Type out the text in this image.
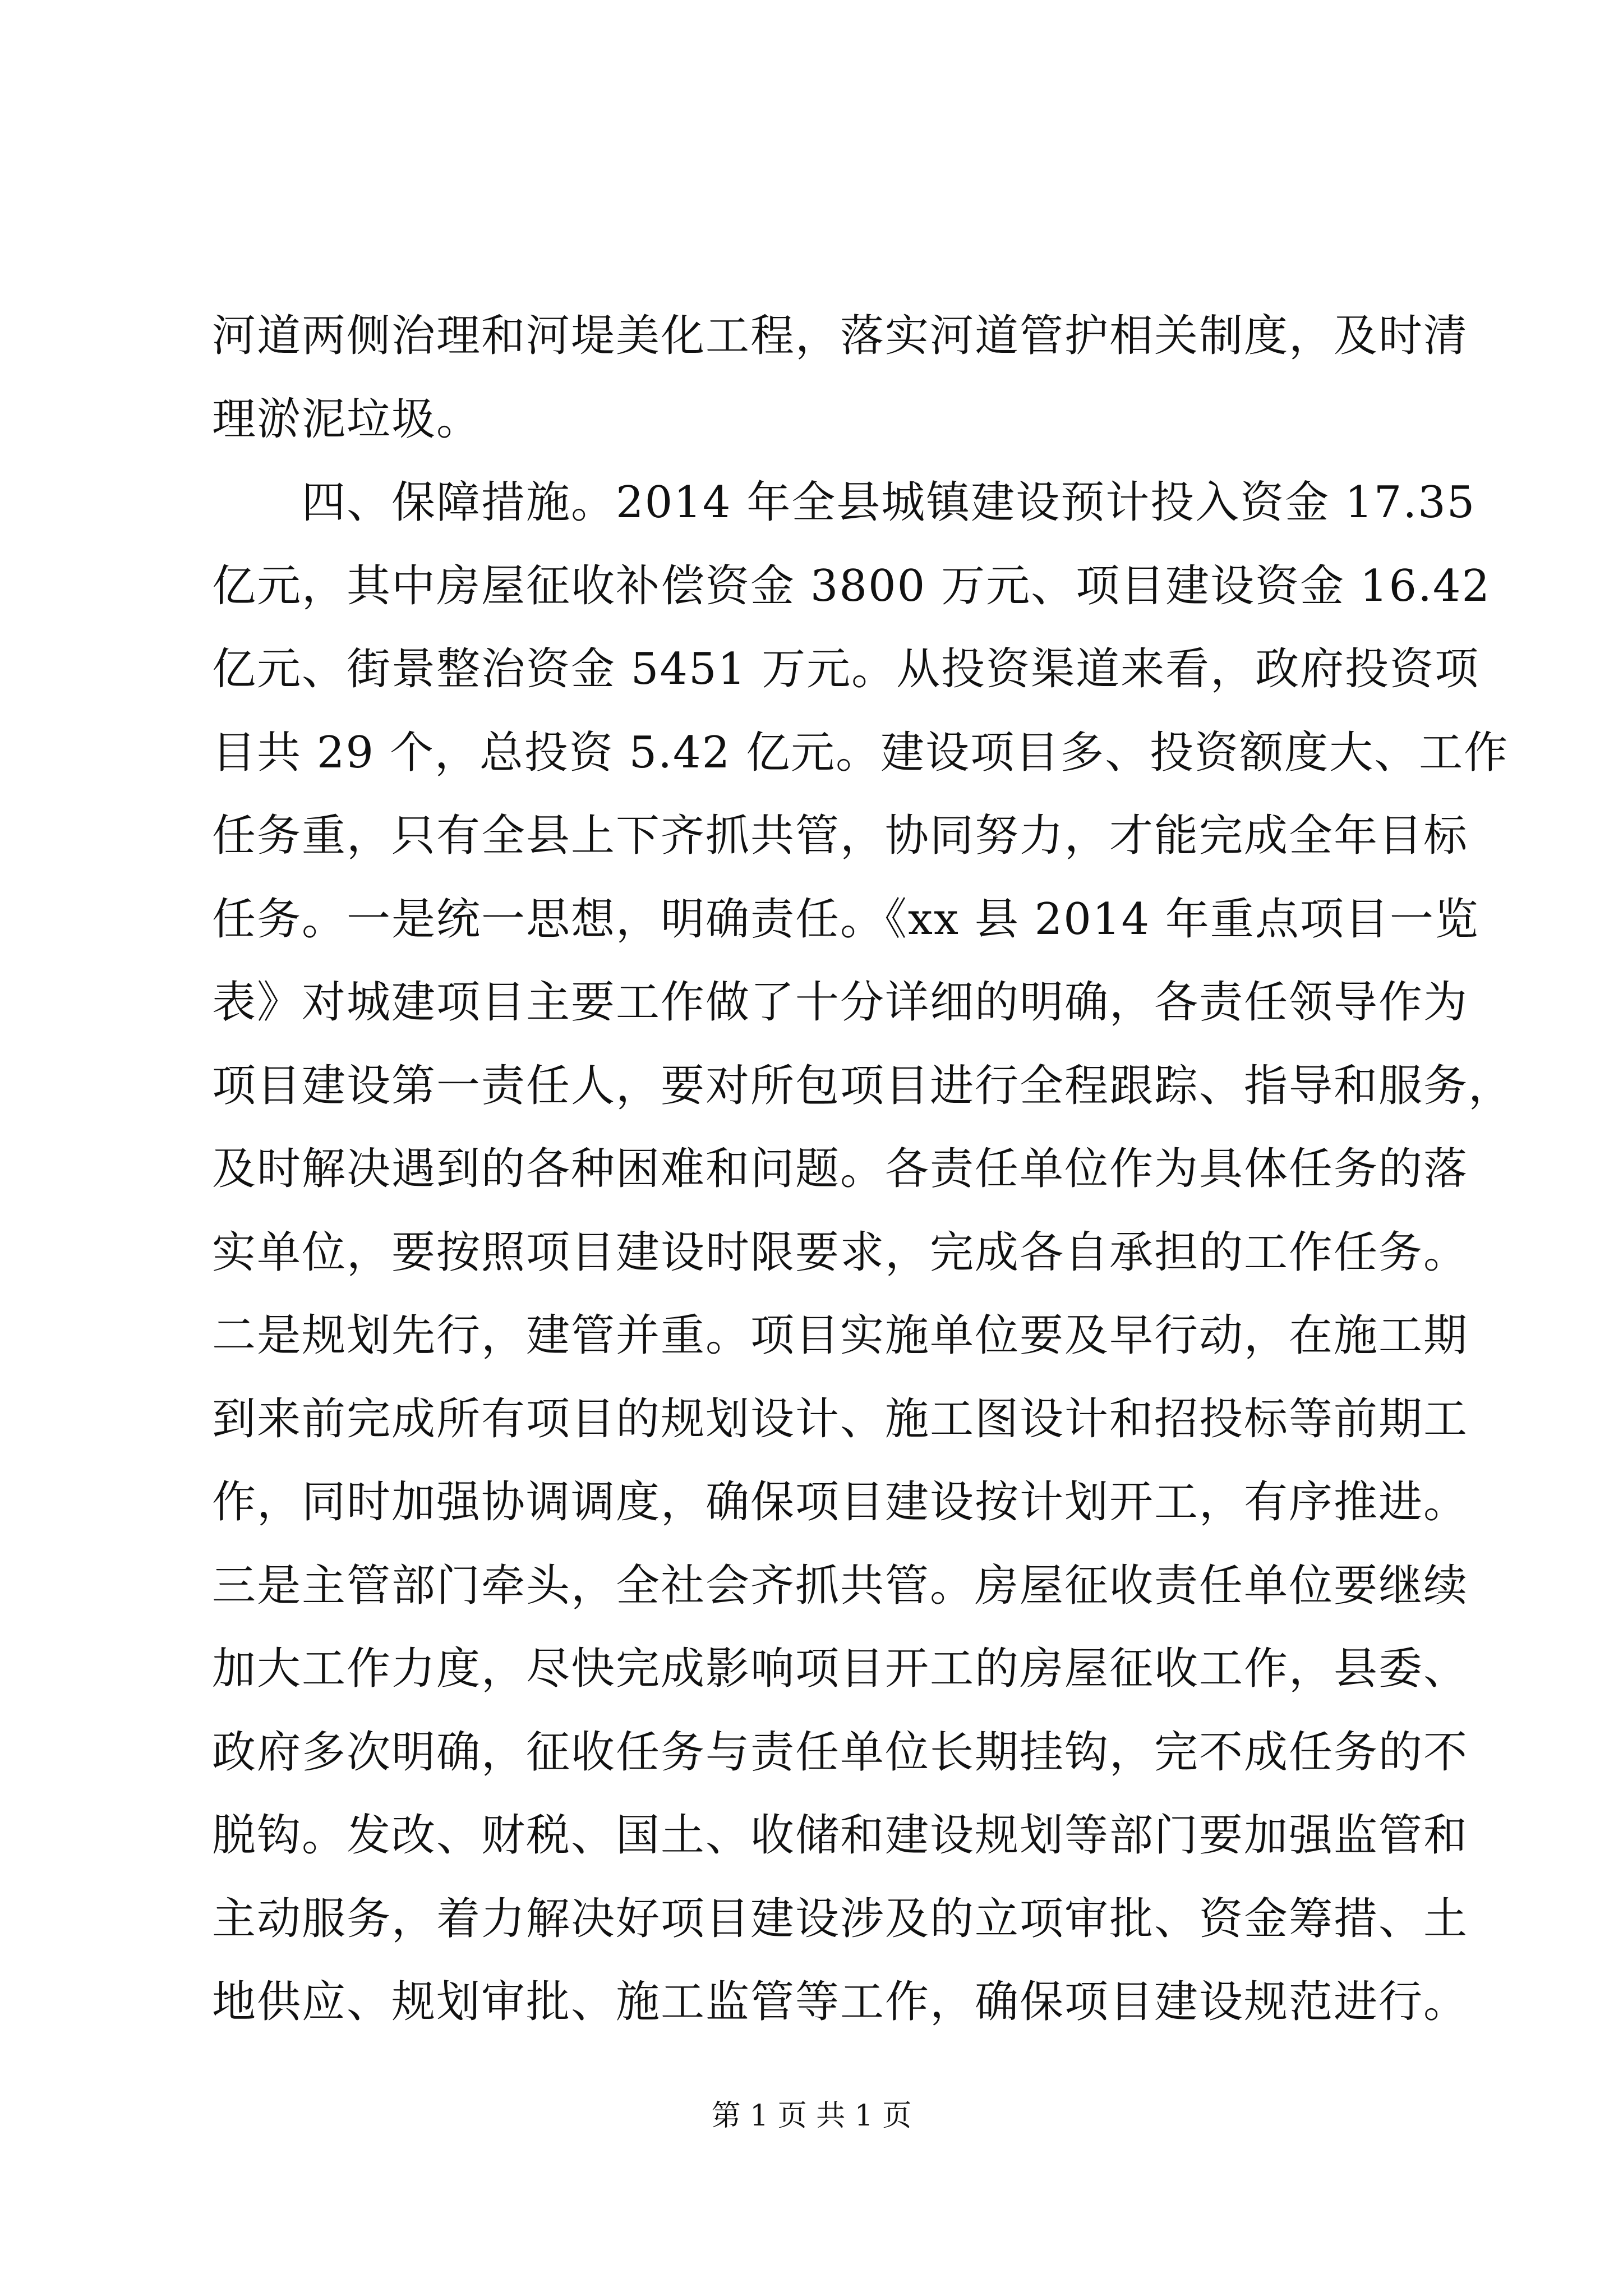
河道两侧治理和河堤美化工程，落实河道管护相关制度，及时清
理淤泥垃圾。
　　四、保障措施。2014 年全县城镇建设预计投入资金 17.35
亿元，其中房屋征收补偿资金 3800 万元、项目建设资金 16.42
亿元、街景整治资金 5451 万元。从投资渠道来看，政府投资项
目共 29 个，总投资 5.42 亿元。建设项目多、投资额度大、工作
任务重，只有全县上下齐抓共管，协同努力，才能完成全年目标
任务。一是统一思想，明确责任。《xx 县 2014 年重点项目一览
表》对城建项目主要工作做了十分详细的明确，各责任领导作为
项目建设第一责任人，要对所包项目进行全程跟踪、指导和服务，
及时解决遇到的各种困难和问题。各责任单位作为具体任务的落
实单位，要按照项目建设时限要求，完成各自承担的工作任务。
二是规划先行，建管并重。项目实施单位要及早行动，在施工期
到来前完成所有项目的规划设计、施工图设计和招投标等前期工
作，同时加强协调调度，确保项目建设按计划开工，有序推进。
三是主管部门牵头，全社会齐抓共管。房屋征收责任单位要继续
加大工作力度，尽快完成影响项目开工的房屋征收工作，县委、
政府多次明确，征收任务与责任单位长期挂钩，完不成任务的不
脱钩。发改、财税、国土、收储和建设规划等部门要加强监管和
主动服务，着力解决好项目建设涉及的立项审批、资金筹措、土
地供应、规划审批、施工监管等工作，确保项目建设规范进行。
第 1 页 共 1 页
